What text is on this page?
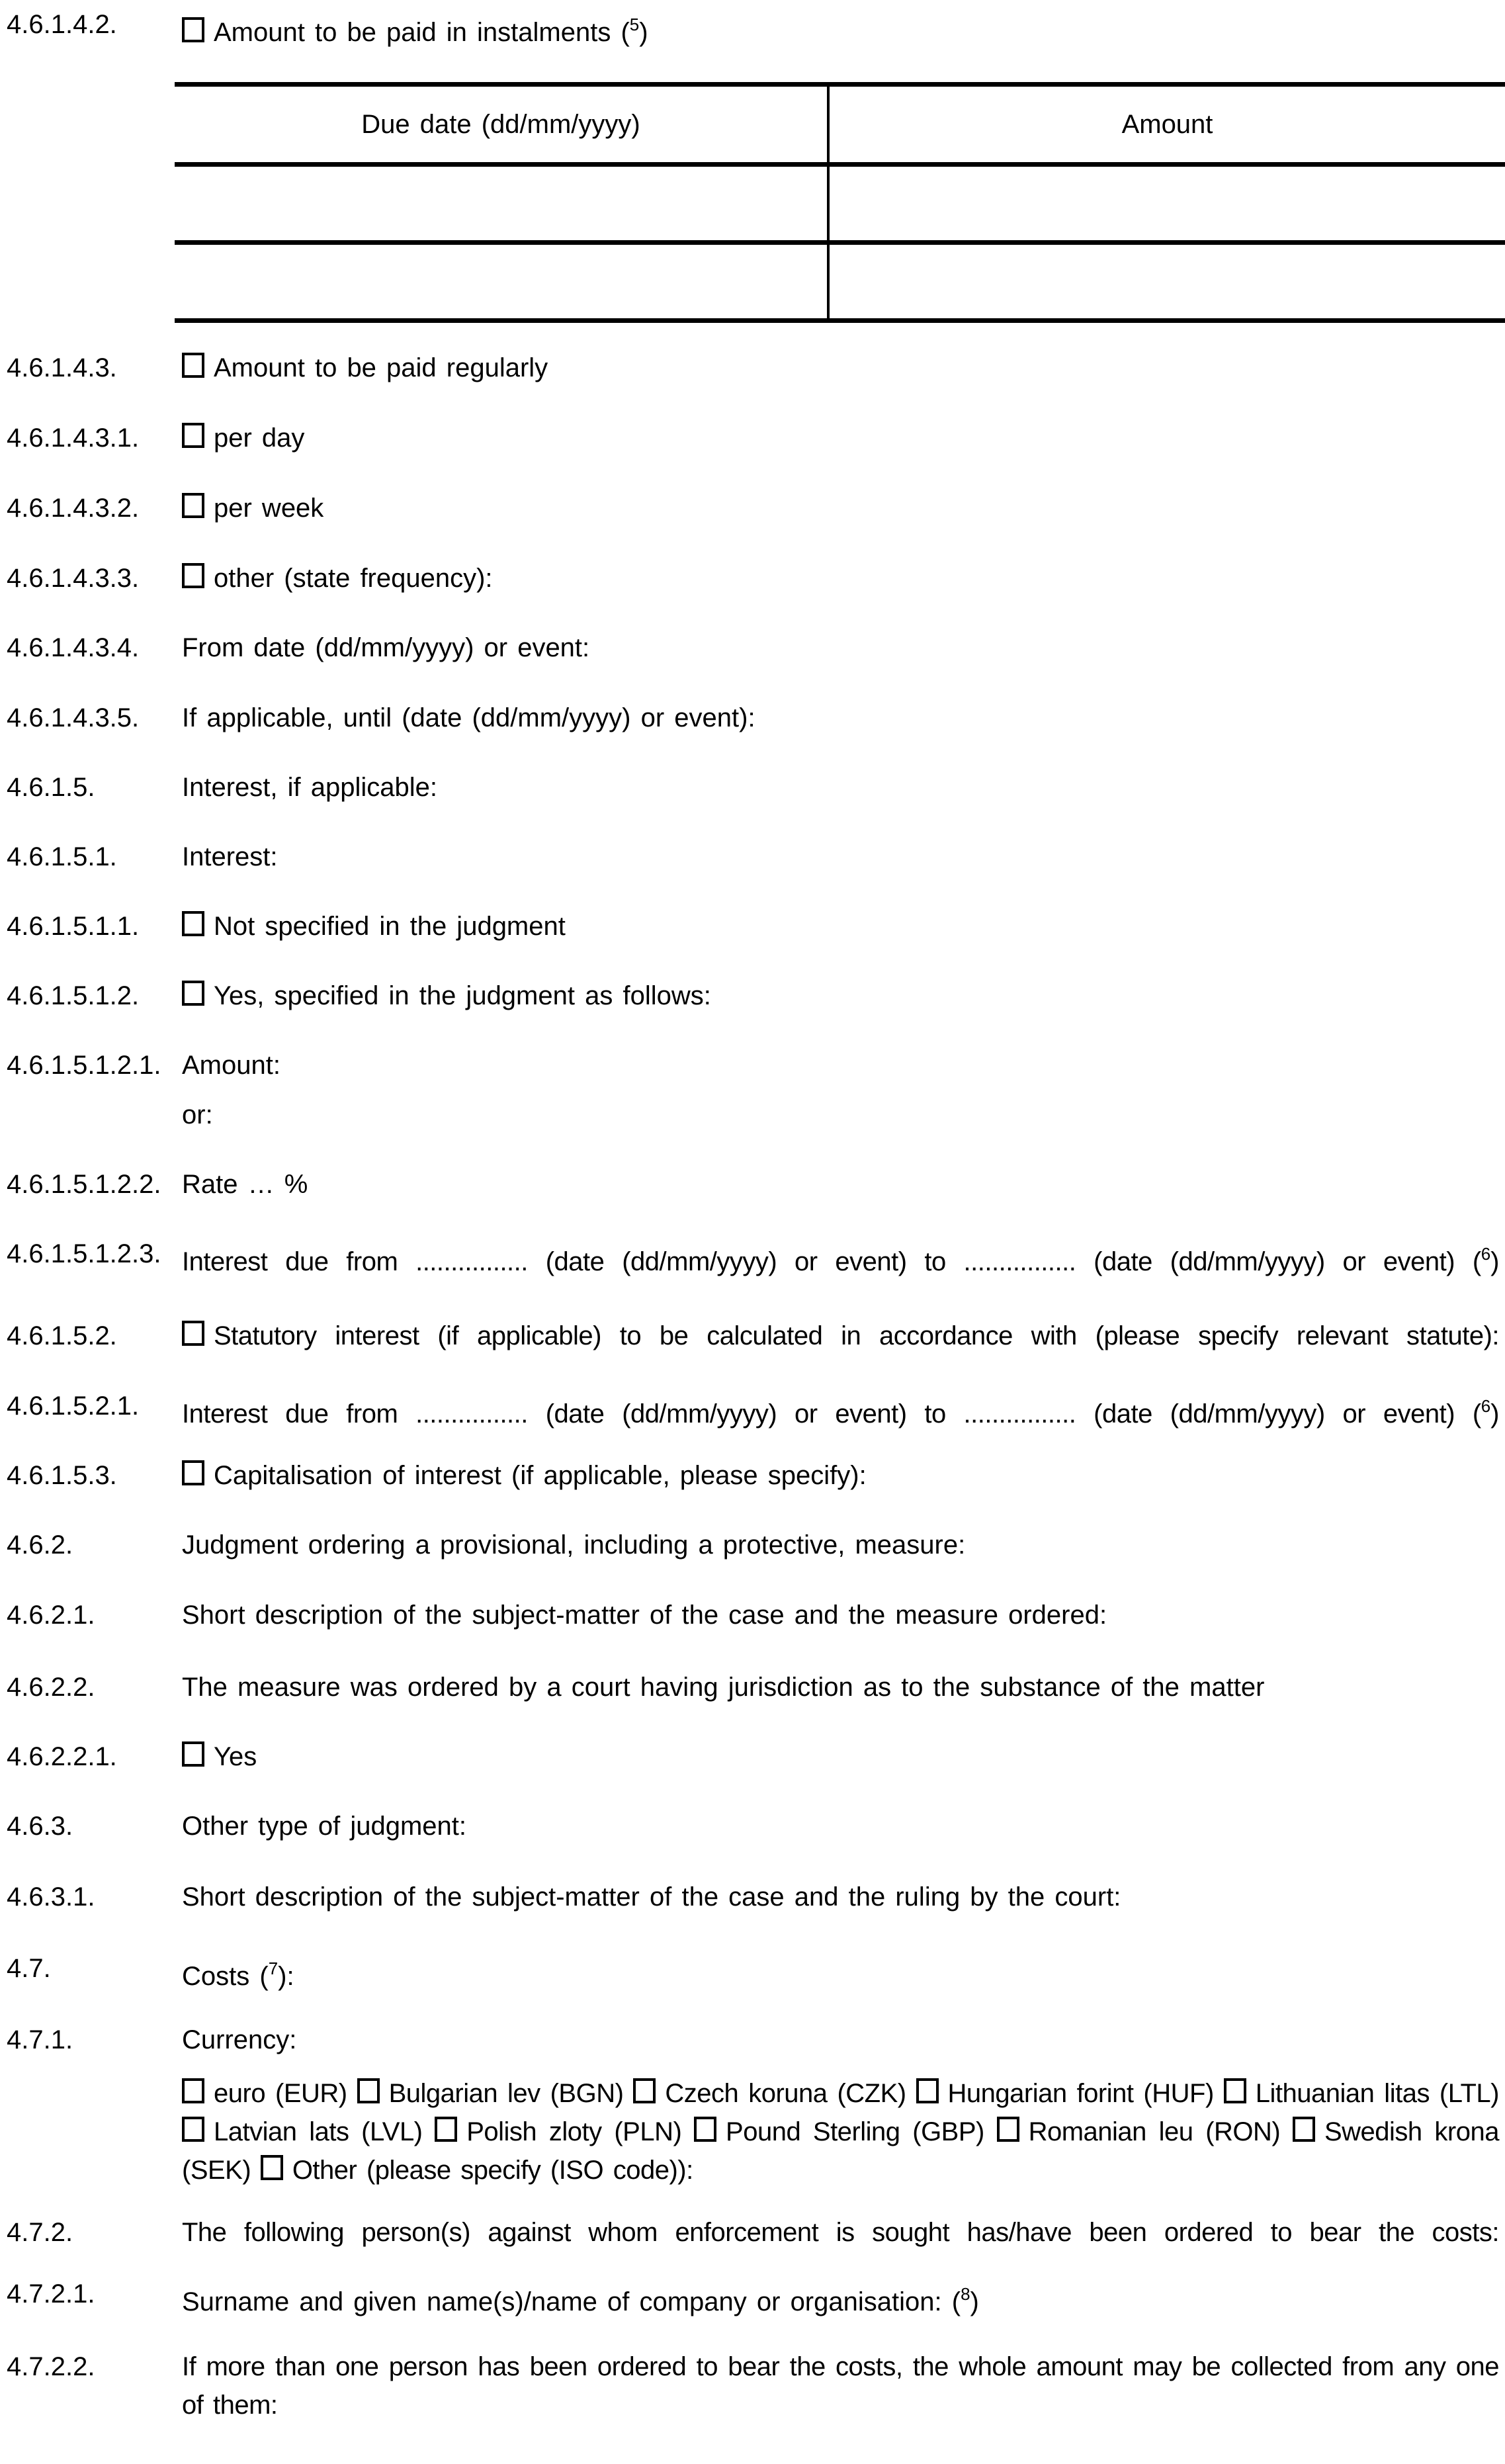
4.6.1.4.2.	Amount to be paid in instalments ($^5$)
Due date (dd/mm/yyyy)	Amount
4.6.1.4.3.	Amount to be paid regularly
4.6.1.4.3.1.	per day
4.6.1.4.3.2.	per week
4.6.1.4.3.3.	other (state frequency):
4.6.1.4.3.4. From date (dd/mm/yyyy) or event:
4.6.1.4.3.5. If applicable, until (date (dd/mm/yyyy) or event):
4.6.1.5.	Interest, if applicable:
4.6.1.5.1. Interest:
4.6.1.5.1.1.	Not specified in the judgment
4.6.1.5.1.2.	Yes, specified in the judgment as follows:
4.6.1.5.1.2.1. Amount:
or:
4.6.1.5.1.2.2. Rate … %
4.6.1.5.1.2.3. Interest due from ................ (date (dd/mm/yyyy) or event) to ................ (date (dd/mm/yyyy) or event) ($^6$)
4.6.1.5.2.	Statutory interest (if applicable) to be calculated in accordance with (please specify relevant statute):
4.6.1.5.2.1. Interest due from ................ (date (dd/mm/yyyy) or event) to ................ (date (dd/mm/yyyy) or event) ($^6$)
4.6.1.5.3.	Capitalisation of interest (if applicable, please specify):
4.6.2.	Judgment ordering a provisional, including a protective, measure:
4.6.2.1.	Short description of the subject-matter of the case and the measure ordered:
4.6.2.2.	The measure was ordered by a court having jurisdiction as to the substance of the matter
4.6.2.2.1.	Yes
4.6.3.	Other type of judgment:
4.6.3.1.	Short description of the subject-matter of the case and the ruling by the court:
4.7.	Costs ($^7$):
4.7.1.	Currency:
euro (EUR) Bulgarian lev (BGN) Czech koruna (CZK) Hungarian forint (HUF) Lithuanian litas (LTL) Latvian lats (LVL) Polish zloty (PLN) Pound Sterling (GBP) Romanian leu (RON) Swedish krona (SEK) Other (please specify (ISO code)):
4.7.2.	The following person(s) against whom enforcement is sought has/have been ordered to bear the costs:
4.7.2.1.	Surname and given name(s)/name of company or organisation: ($^8$)
4.7.2.2.	If more than one person has been ordered to bear the costs, the whole amount may be collected from any one of them:
